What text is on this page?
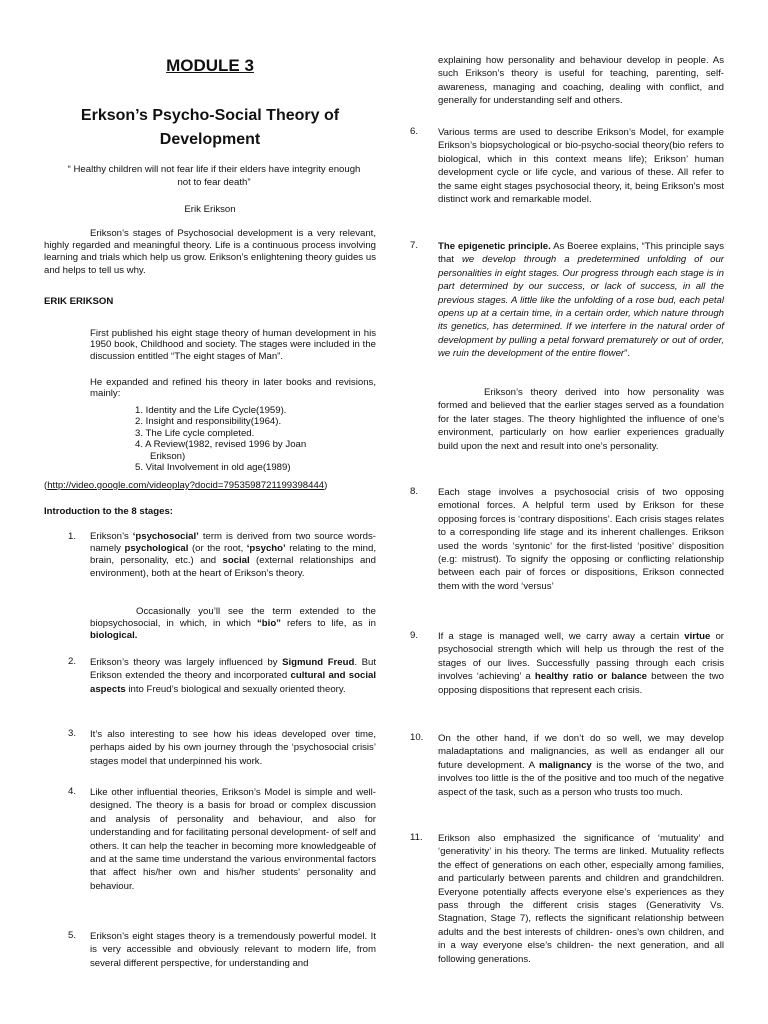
MODULE 3
Erkson’s Psycho-Social Theory of Development
“ Healthy children will not fear life if their elders have integrity enough not to fear death”
Erik Erikson
Erikson’s stages of Psychosocial development is a very relevant, highly regarded and meaningful theory. Life is a continuous process involving learning and trials which help us grow. Erikson’s enlightening theory guides us and helps to tell us why.
ERIK ERIKSON
First published his eight stage theory of human development in his 1950 book, Childhood and society. The stages were included in the discussion entitled “The eight stages of Man”.
He expanded and refined his theory in later books and revisions, mainly:
1. Identity and the Life Cycle(1959).
2. Insight and responsibility(1964).
3. The Life cycle completed.
4. A Review(1982, revised 1996 by Joan
Erikson)
5. Vital Involvement in old age(1989)
(http://video.google.com/videoplay?docid=7953598721199398444)
Introduction to the 8 stages:
1.	Erikson’s ‘psychosocial’ term is derived from two source words- namely psychological (or the root, ‘psycho’ relating to the mind, brain, personality, etc.) and social (external relationships and environment), both at the heart of Erikson’s theory.
Occasionally you’ll see the term extended to the biopsychosocial, in which, in which “bio” refers to life, as in biological.
2.	Erikson’s theory was largely influenced by Sigmund Freud. But Erikson extended the theory and incorporated cultural and social aspects into Freud’s biological and sexually oriented theory.
3.	It’s also interesting to see how his ideas developed over time, perhaps aided by his own journey through the ‘psychosocial crisis’ stages model that underpinned his work.
4.	Like other influential theories, Erikson’s Model is simple and well-designed. The theory is a basis for broad or complex discussion and analysis of personality and behaviour, and also for understanding and for facilitating personal development- of self and others. It can help the teacher in becoming more knowledgeable of and at the same time understand the various environmental factors that affect his/her own and his/her students’ personality and behaviour.
5.	Erikson’s eight stages theory is a tremendously powerful model. It is very accessible and obviously relevant to modern life, from several different perspective, for understanding and
explaining how personality and behaviour develop in people. As such Erikson’s theory is useful for teaching, parenting, self-awareness, managing and coaching, dealing with conflict, and generally for understanding self and others.
6.	Various terms are used to describe Erikson’s Model, for example Erikson’s biopsychological or bio-psycho-social theory(bio refers to biological, which in this context means life); Erikson’ human development cycle or life cycle, and various of these. All refer to the same eight stages psychosocial theory, it, being Erikson’s most distinct work and remarkable model.
7.	The epigenetic principle. As Boeree explains, “This principle says that we develop through a predetermined unfolding of our personalities in eight stages. Our progress through each stage is in part determined by our success, or lack of success, in all the previous stages. A little like the unfolding of a rose bud, each petal opens up at a certain time, in a certain order, which nature through its genetics, has determined. If we interfere in the natural order of development by pulling a petal forward prematurely or out of order, we ruin the development of the entire flower”.
Erikson’s theory derived into how personality was formed and believed that the earlier stages served as a foundation for the later stages. The theory highlighted the influence of one’s environment, particularly on how earlier experiences gradually build upon the next and result into one’s personality.
8.	Each stage involves a psychosocial crisis of two opposing emotional forces. A helpful term used by Erikson for these opposing forces is ‘contrary dispositions’. Each crisis stages relates to a corresponding life stage and its inherent challenges. Erikson used the words ‘syntonic’ for the first-listed ‘positive’ disposition (e.g: mistrust). To signify the opposing or conflicting relationship between each pair of forces or dispositions, Erikson connected them with the word ‘versus’
9.	If a stage is managed well, we carry away a certain virtue or psychosocial strength which will help us through the rest of the stages of our lives. Successfully passing through each crisis involves ‘achieving’ a healthy ratio or balance between the two opposing dispositions that represent each crisis.
10.	On the other hand, if we don’t do so well, we may develop maladaptations and malignancies, as well as endanger all our future development. A malignancy is the worse of the two, and involves too little is the of the positive and too much of the negative aspect of the task, such as a person who trusts too much.
11.	Erikson also emphasized the significance of ‘mutuality’ and ‘generativity’ in his theory. The terms are linked. Mutuality reflects the effect of generations on each other, especially among families, and particularly between parents and children and grandchildren. Everyone potentially affects everyone else’s experiences as they pass through the different crisis stages (Generativity Vs. Stagnation, Stage 7), reflects the significant relationship between adults and the best interests of children- ones’s own children, and in a way everyone else’s children- the next generation, and all following generations.
